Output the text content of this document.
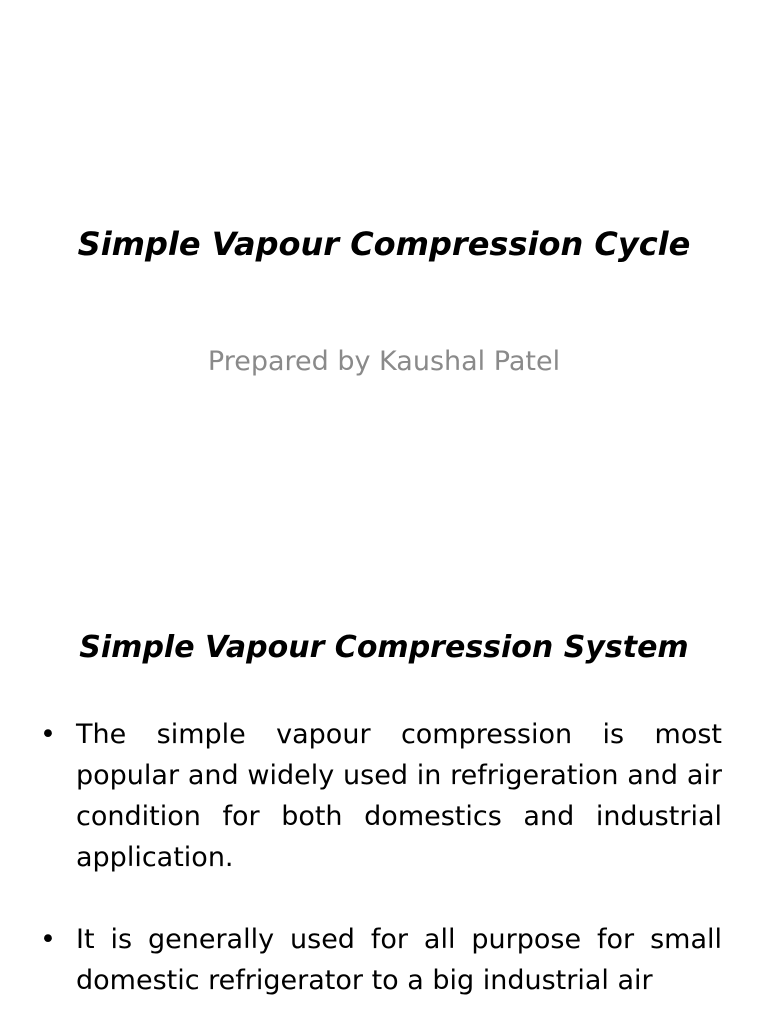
Simple Vapour Compression Cycle

Prepared by Kaushal Patel

Simple Vapour Compression System
• The simple vapour compression is most popular and widely used in refrigeration and air condition for both domestics and industrial application.
• It is generally used for all purpose for small domestic refrigerator to a big industrial air
